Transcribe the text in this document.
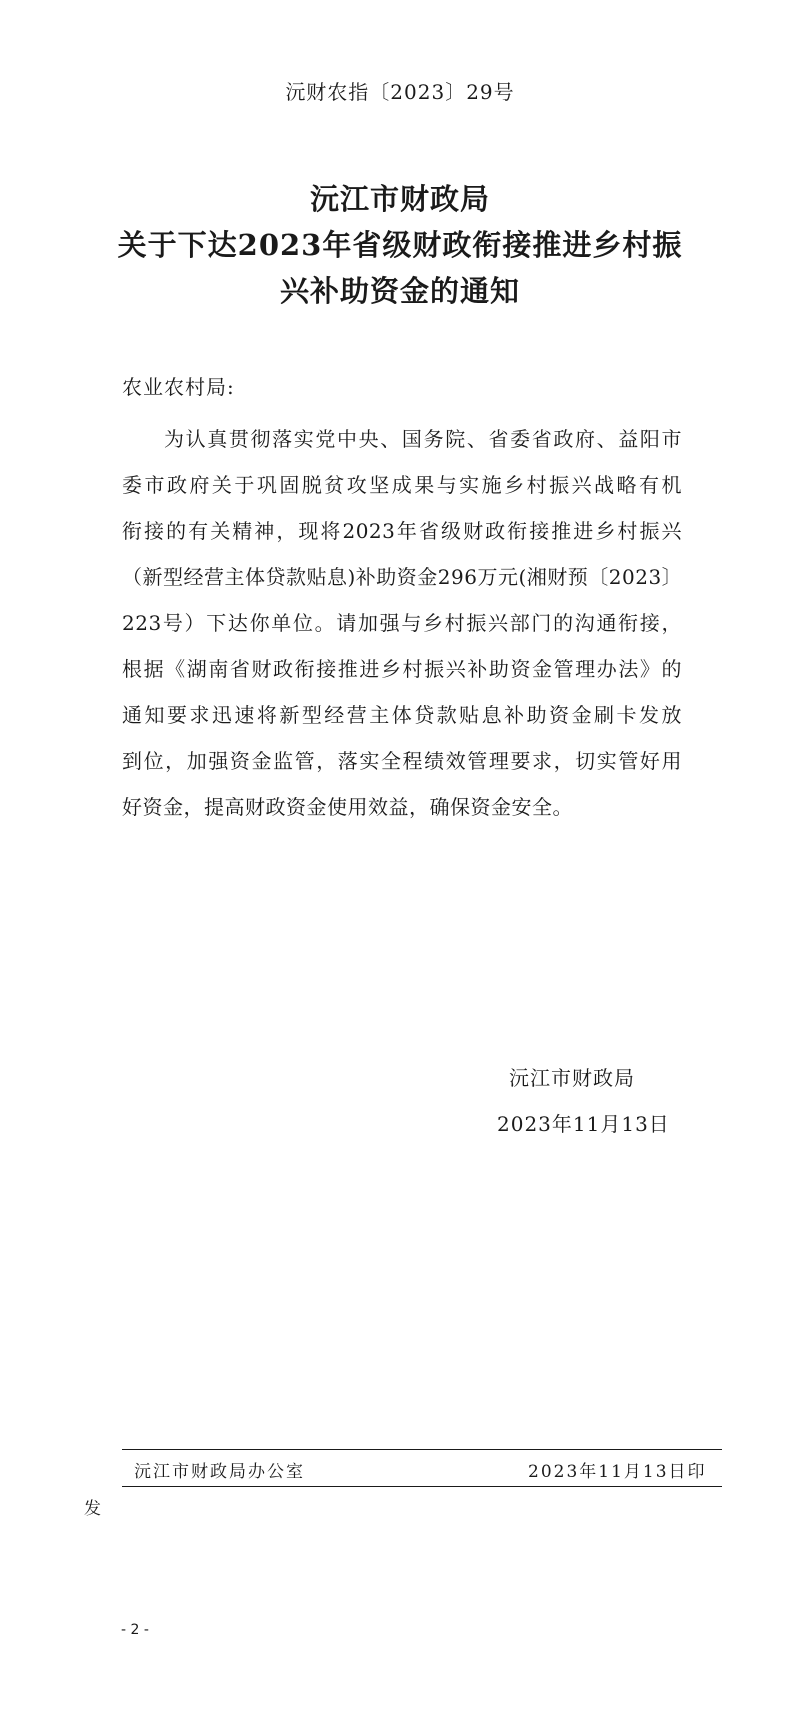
沅财农指〔2023〕29号
沅江市财政局
关于下达2023年省级财政衔接推进乡村振
兴补助资金的通知
农业农村局:
为认真贯彻落实党中央、国务院、省委省政府、益阳市
委市政府关于巩固脱贫攻坚成果与实施乡村振兴战略有机
衔接的有关精神，现将2023年省级财政衔接推进乡村振兴
（新型经营主体贷款贴息)补助资金296万元(湘财预〔2023〕
223号）下达你单位。请加强与乡村振兴部门的沟通衔接，
根据《湖南省财政衔接推进乡村振兴补助资金管理办法》的
通知要求迅速将新型经营主体贷款贴息补助资金刷卡发放
到位，加强资金监管，落实全程绩效管理要求，切实管好用
好资金，提高财政资金使用效益，确保资金安全。
沅江市财政局
2023年11月13日
沅江市财政局办公室	2023年11月13日印
发
- 2 -
